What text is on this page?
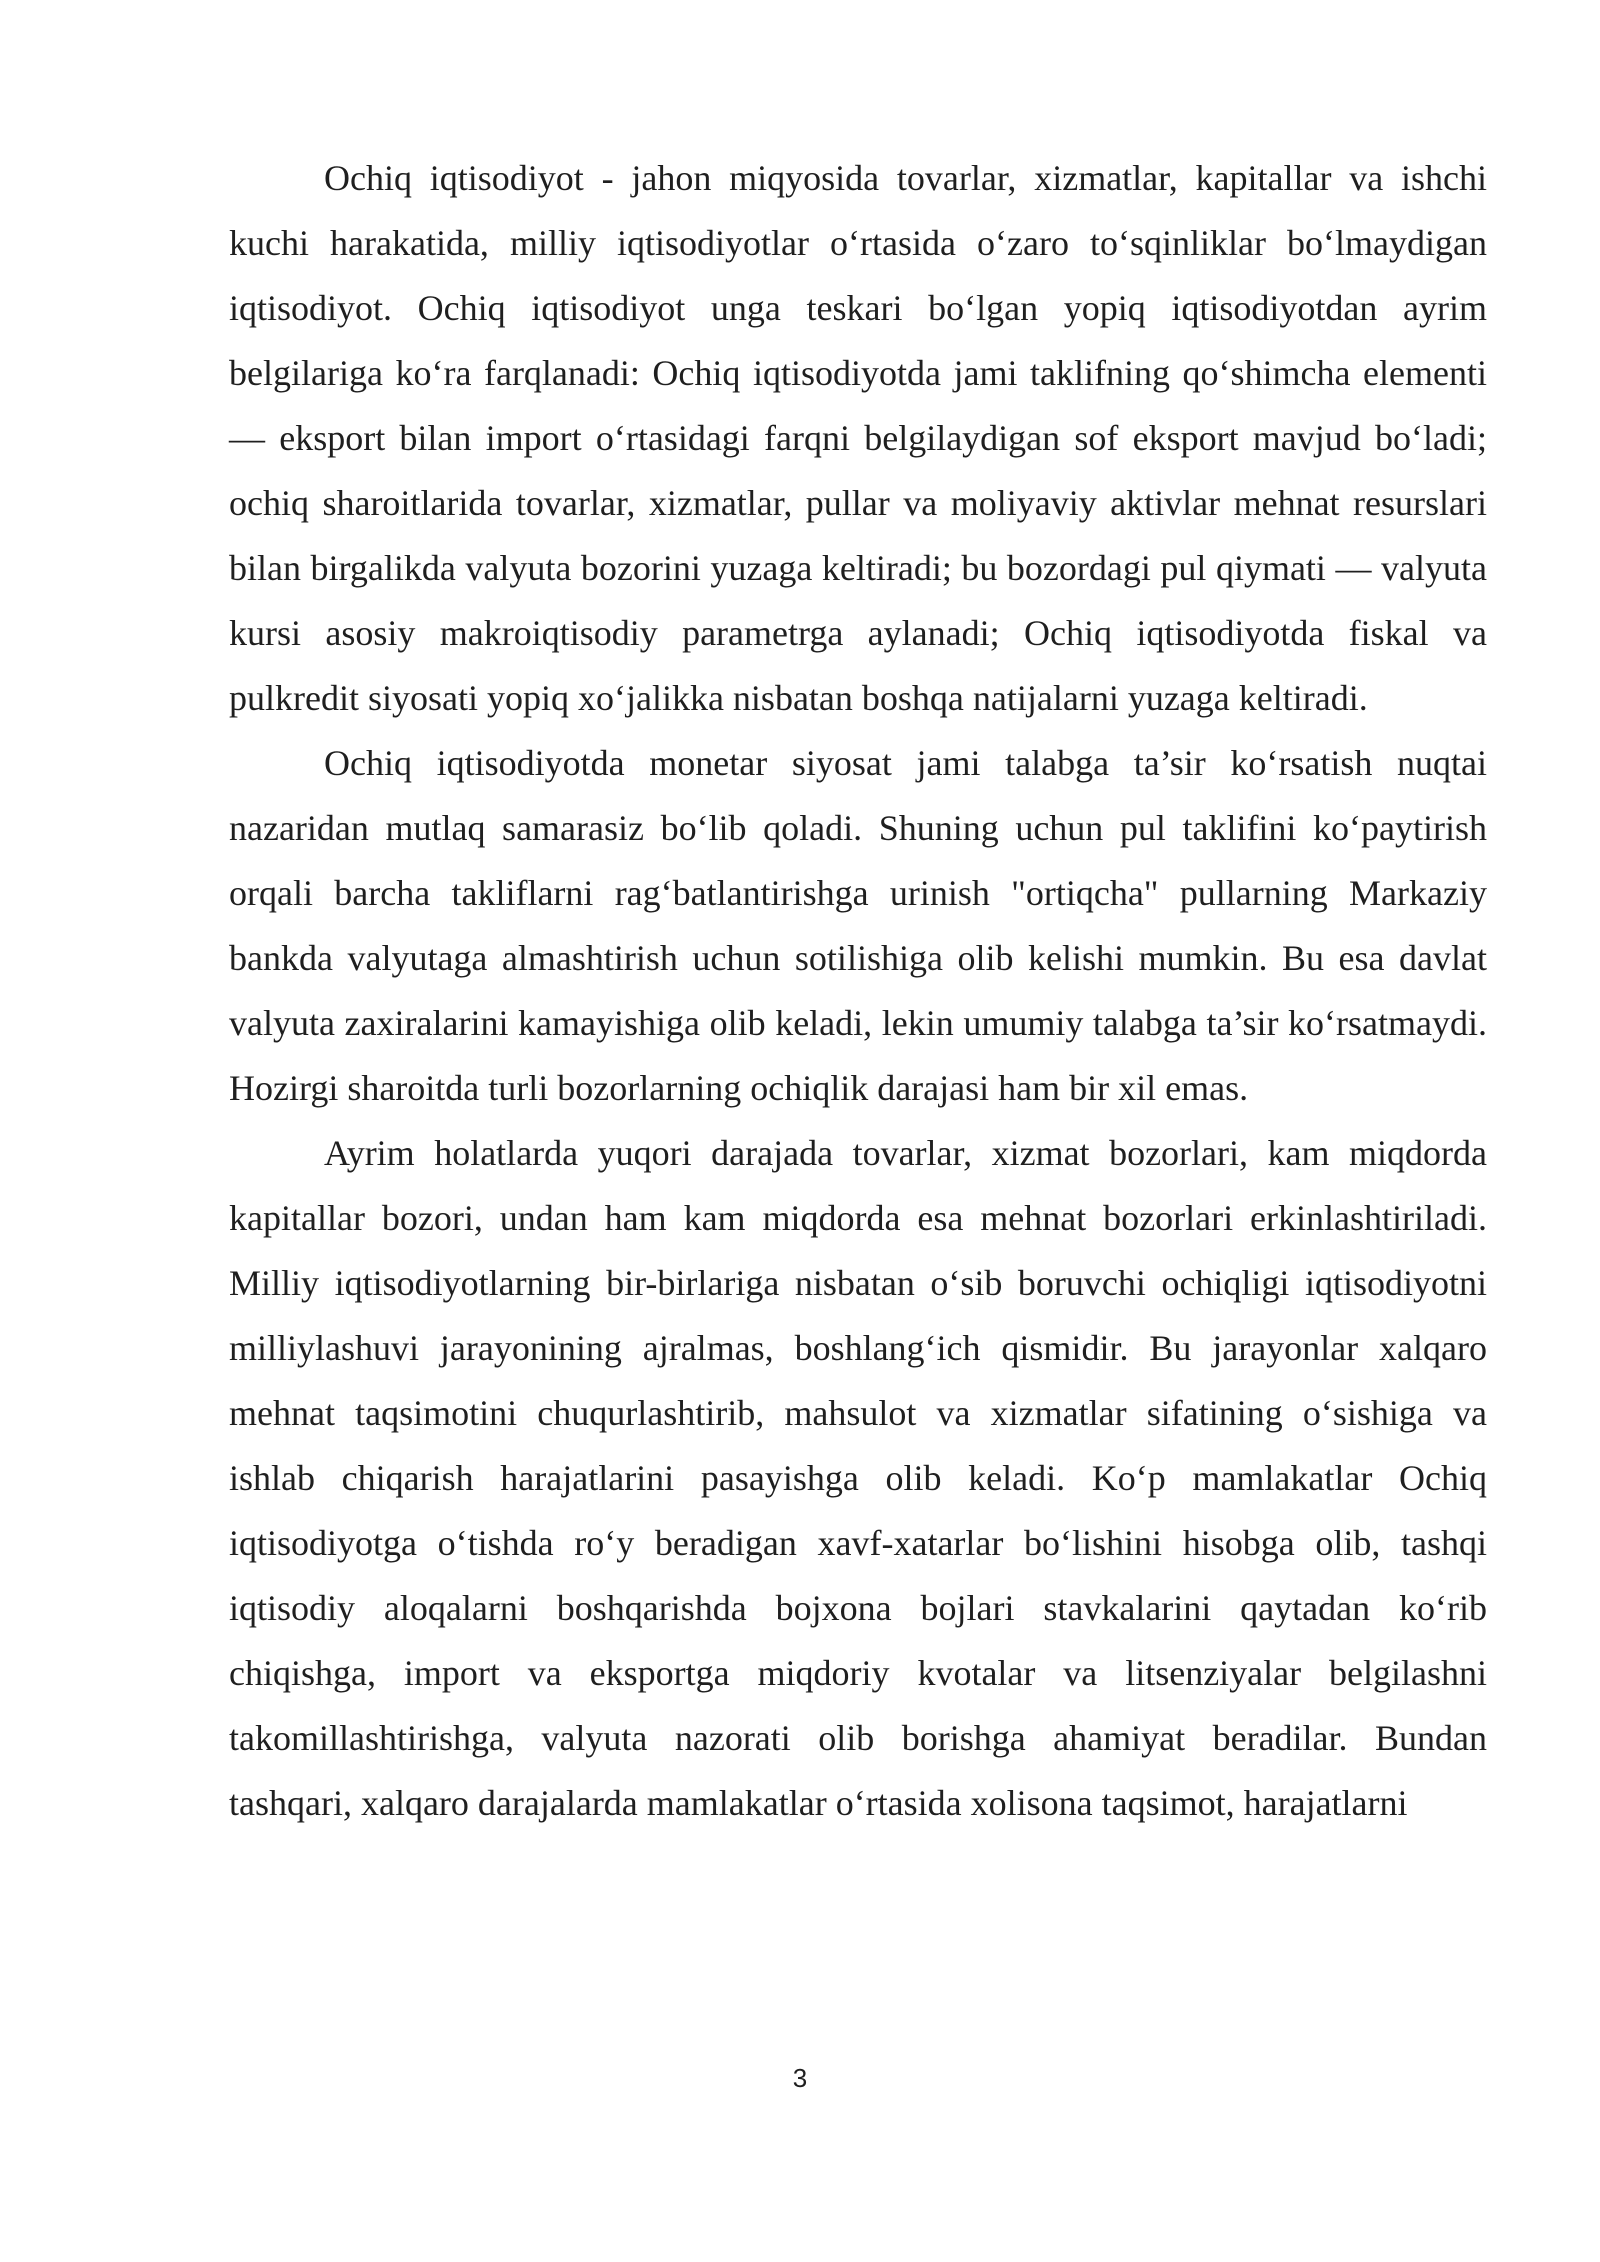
Ochiq iqtisodiyot - jahon miqyosida tovarlar, xizmatlar, kapitallar va ishchi kuchi harakatida, milliy iqtisodiyotlar o‘rtasida o‘zaro to‘sqinliklar bo‘lmaydigan iqtisodiyot. Ochiq iqtisodiyot unga teskari bo‘lgan yopiq iqtisodiyotdan ayrim belgilariga ko‘ra farqlanadi: Ochiq iqtisodiyotda jami taklifning qo‘shimcha elementi — eksport bilan import o‘rtasidagi farqni belgilaydigan sof eksport mavjud bo‘ladi; ochiq sharoitlarida tovarlar, xizmatlar, pullar va moliyaviy aktivlar mehnat resurslari bilan birgalikda valyuta bozorini yuzaga keltiradi; bu bozordagi pul qiymati — valyuta kursi asosiy makroiqtisodiy parametrga aylanadi; Ochiq iqtisodiyotda fiskal va pulkredit siyosati yopiq xo‘jalikka nisbatan boshqa natijalarni yuzaga keltiradi.

Ochiq iqtisodiyotda monetar siyosat jami talabga ta’sir ko‘rsatish nuqtai nazaridan mutlaq samarasiz bo‘lib qoladi. Shuning uchun pul taklifini ko‘paytirish orqali barcha takliflarni rag‘batlantirishga urinish "ortiqcha" pullarning Markaziy bankda valyutaga almashtirish uchun sotilishiga olib kelishi mumkin. Bu esa davlat valyuta zaxiralarini kamayishiga olib keladi, lekin umumiy talabga ta’sir ko‘rsatmaydi. Hozirgi sharoitda turli bozorlarning ochiqlik darajasi ham bir xil emas.

Ayrim holatlarda yuqori darajada tovarlar, xizmat bozorlari, kam miqdorda kapitallar bozori, undan ham kam miqdorda esa mehnat bozorlari erkinlashtiriladi. Milliy iqtisodiyotlarning bir-birlariga nisbatan o‘sib boruvchi ochiqligi iqtisodiyotni milliylashuvi jarayonining ajralmas, boshlang‘ich qismidir. Bu jarayonlar xalqaro mehnat taqsimotini chuqurlashtirib, mahsulot va xizmatlar sifatining o‘sishiga va ishlab chiqarish harajatlarini pasayishga olib keladi. Ko‘p mamlakatlar Ochiq iqtisodiyotga o‘tishda ro‘y beradigan xavf-xatarlar bo‘lishini hisobga olib, tashqi iqtisodiy aloqalarni boshqarishda bojxona bojlari stavkalarini qaytadan ko‘rib chiqishga, import va eksportga miqdoriy kvotalar va litsenziyalar belgilashni takomillashtirishga, valyuta nazorati olib borishga ahamiyat beradilar. Bundan tashqari, xalqaro darajalarda mamlakatlar o‘rtasida xolisona taqsimot, harajatlarni

3
